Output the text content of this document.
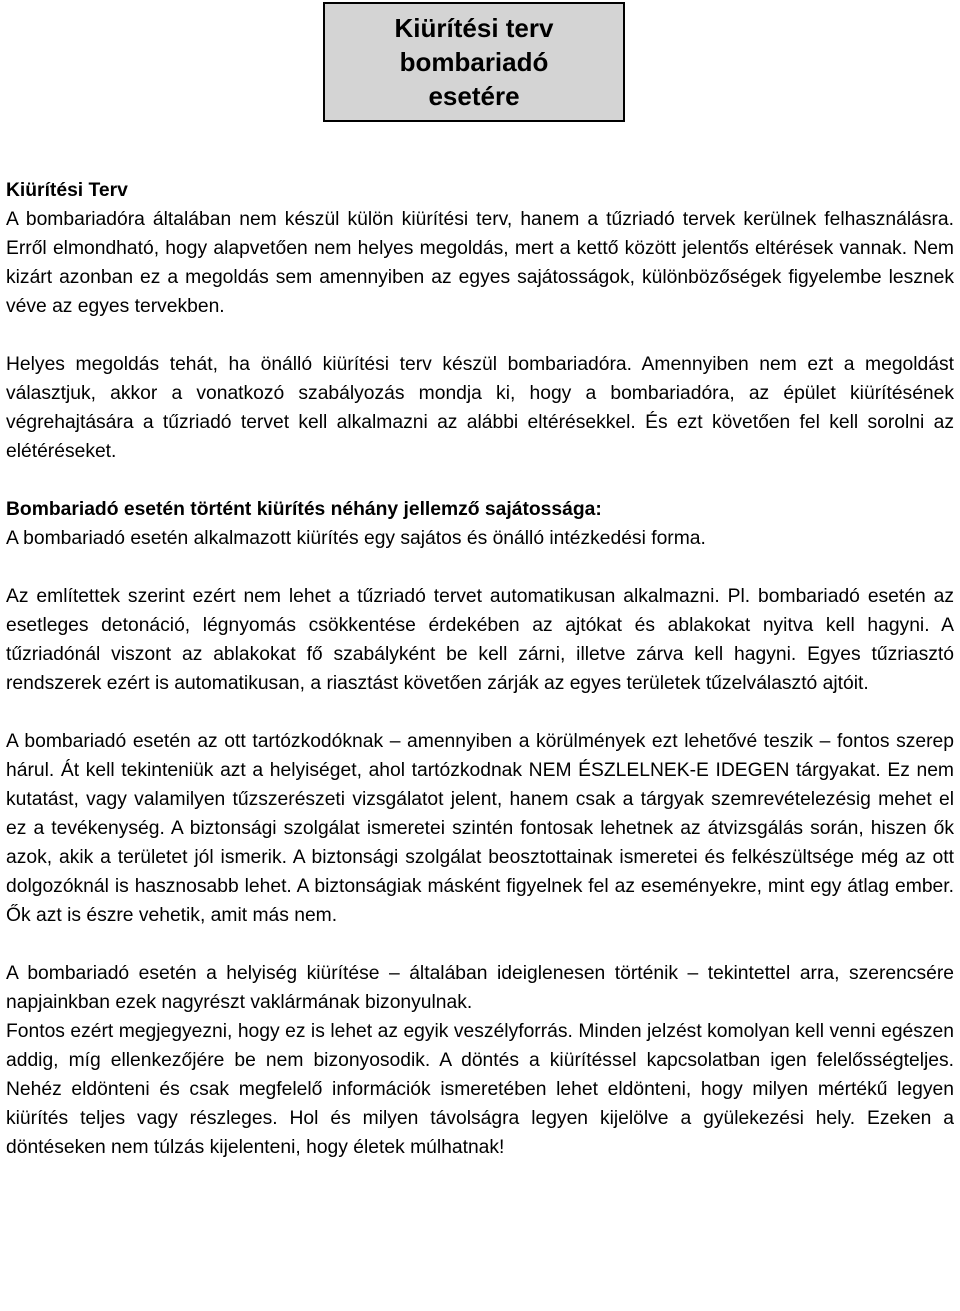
Kiürítési terv
bombariadó
esetére

Kiürítési Terv

A bombariadóra általában nem készül külön kiürítési terv, hanem a tűzriadó tervek kerülnek felhasználásra. Erről elmondható, hogy alapvetően nem helyes megoldás, mert a kettő között jelentős eltérések vannak. Nem kizárt azonban ez a megoldás sem amennyiben az egyes sajátosságok, különbözőségek figyelembe lesznek véve az egyes tervekben.

Helyes megoldás tehát, ha önálló kiürítési terv készül bombariadóra. Amennyiben nem ezt a megoldást választjuk, akkor a vonatkozó szabályozás mondja ki, hogy a bombariadóra, az épület kiürítésének végrehajtására a tűzriadó tervet kell alkalmazni az alábbi eltérésekkel. És ezt követően fel kell sorolni az elétéréseket.

Bombariadó esetén történt kiürítés néhány jellemző sajátossága:

A bombariadó esetén alkalmazott kiürítés egy sajátos és önálló intézkedési forma.

Az említettek szerint ezért nem lehet a tűzriadó tervet automatikusan alkalmazni. Pl. bombariadó esetén az esetleges detonáció, légnyomás csökkentése érdekében az ajtókat és ablakokat nyitva kell hagyni. A tűzriadónál viszont az ablakokat fő szabályként be kell zárni, illetve zárva kell hagyni. Egyes tűzriasztó rendszerek ezért is automatikusan, a riasztást követően zárják az egyes területek tűzelválasztó ajtóit.

A bombariadó esetén az ott tartózkodóknak – amennyiben a körülmények ezt lehetővé teszik – fontos szerep hárul. Át kell tekinteniük azt a helyiséget, ahol tartózkodnak NEM ÉSZLELNEK-E IDEGEN tárgyakat. Ez nem kutatást, vagy valamilyen tűzszerészeti vizsgálatot jelent, hanem csak a tárgyak szemrevételezésig mehet el ez a tevékenység. A biztonsági szolgálat ismeretei szintén fontosak lehetnek az átvizsgálás során, hiszen ők azok, akik a területet jól ismerik. A biztonsági szolgálat beosztottainak ismeretei és felkészültsége még az ott dolgozóknál is hasznosabb lehet. A biztonságiak másként figyelnek fel az eseményekre, mint egy átlag ember. Ők azt is észre vehetik, amit más nem.

A bombariadó esetén a helyiség kiürítése – általában ideiglenesen történik – tekintettel arra, szerencsére napjainkban ezek nagyrészt vaklármának bizonyulnak.

Fontos ezért megjegyezni, hogy ez is lehet az egyik veszélyforrás. Minden jelzést komolyan kell venni egészen addig, míg ellenkezőjére be nem bizonyosodik. A döntés a kiürítéssel kapcsolatban igen felelősségteljes. Nehéz eldönteni és csak megfelelő információk ismeretében lehet eldönteni, hogy milyen mértékű legyen kiürítés teljes vagy részleges. Hol és milyen távolságra legyen kijelölve a gyülekezési hely. Ezeken a döntéseken nem túlzás kijelenteni, hogy életek múlhatnak!
